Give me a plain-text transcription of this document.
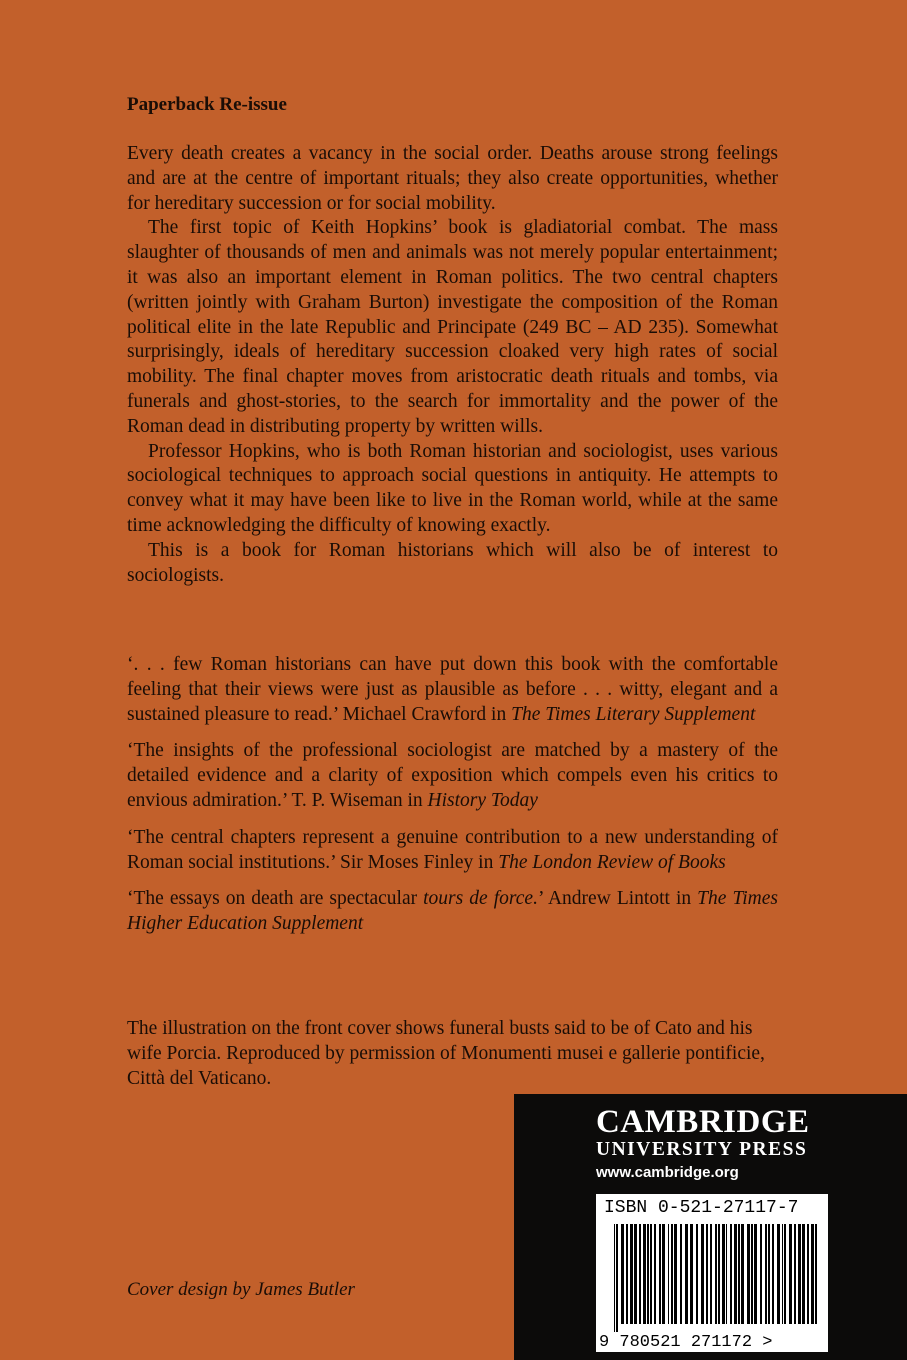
Paperback Re-issue

Every death creates a vacancy in the social order. Deaths arouse strong feelings and are at the centre of important rituals; they also create opportunities, whether for hereditary succession or for social mobility.

The first topic of Keith Hopkins’ book is gladiatorial combat. The mass slaughter of thousands of men and animals was not merely popular entertainment; it was also an important element in Roman politics. The two central chapters (written jointly with Graham Burton) investigate the composition of the Roman political elite in the late Republic and Principate (249 BC – AD 235). Somewhat surprisingly, ideals of hereditary succession cloaked very high rates of social mobility. The final chapter moves from aristocratic death rituals and tombs, via funerals and ghost-stories, to the search for immortality and the power of the Roman dead in distributing property by written wills.

Professor Hopkins, who is both Roman historian and sociologist, uses various sociological techniques to approach social questions in antiquity. He attempts to convey what it may have been like to live in the Roman world, while at the same time acknowledging the difficulty of knowing exactly.

This is a book for Roman historians which will also be of interest to sociologists.

‘. . . few Roman historians can have put down this book with the comfortable feeling that their views were just as plausible as before . . . witty, elegant and a sustained pleasure to read.’ Michael Crawford in The Times Literary Supplement

‘The insights of the professional sociologist are matched by a mastery of the detailed evidence and a clarity of exposition which compels even his critics to envious admiration.’ T. P. Wiseman in History Today

‘The central chapters represent a genuine contribution to a new understanding of Roman social institutions.’ Sir Moses Finley in The London Review of Books

‘The essays on death are spectacular tours de force.’ Andrew Lintott in The Times Higher Education Supplement

The illustration on the front cover shows funeral busts said to be of Cato and his wife Porcia. Reproduced by permission of Monumenti musei e gallerie pontificie, Città del Vaticano.
Cover design by James Butler
CAMBRIDGE
UNIVERSITY PRESS
www.cambridge.org
ISBN 0-521-27117-7
9 780521 271172 >
